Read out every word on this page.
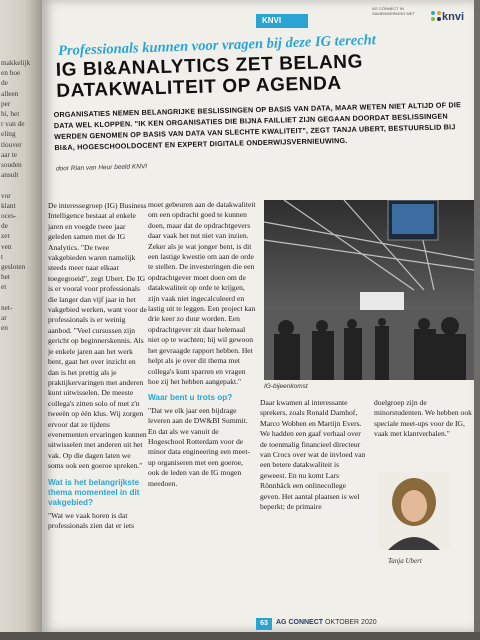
makkelijk
en hoe
de
alleen
per
hi, het
r van de
eling
tlouver
aar te
souden
ansult
vor
klant
oces-
de
zer
ven
t
gesloten
het
et
net-
ar
en
KNVI
AG CONNECT IN SAMENWERKING MET	knvi
Professionals kunnen voor vragen bij deze IG terecht
IG BI&ANALYTICS ZET BELANG
DATAKWALITEIT OP AGENDA
ORGANISATIES NEMEN BELANGRIJKE BESLISSINGEN OP BASIS VAN DATA, MAAR WETEN NIET ALTIJD OF DIE DATA WEL KLOPPEN. "IK KEN ORGANISATIES DIE BIJNA FAILLIET ZIJN GEGAAN DOORDAT BESLISSINGEN WERDEN GENOMEN OP BASIS VAN DATA VAN SLECHTE KWALITEIT", ZEGT TANJA UBERT, BESTUURSLID BIJ BI&A, HOGESCHOOLDOCENT EN EXPERT DIGITALE ONDERWIJSVERNIEUWING.
door Rian van Heur beeld KNVI

De interessegroep (IG) Business Intelligence bestaat al enkele jaren en voegde twee jaar geleden samen met de IG Analytics. "De twee vakgebieden waren namelijk steeds meer naar elkaar toegegroeid", zegt Ubert. De IG is er vooral voor professionals die langer dan vijf jaar in het vakgebied werken, want voor de professionals is er weinig aanbod. "Veel cursussen zijn gericht op beginnerskennis. Als je enkele jaren aan het werk bent, gaat het over inzicht en dan is het prettig als je praktijkervaringen met anderen kunt uitwisselen. De meeste collega's zitten solo of met z'n tweeën op één klus. Wij zorgen ervoor dat ze tijdens evenementen ervaringen kunnen uitwisselen met anderen uit het vak. Op die dagen laten we soms ook een goeroe spreken."

Wat is het belangrijkste thema momenteel in dit vakgebied?

"Wat we vaak horen is dat professionals zien dat er iets

moet gebeuren aan de datakwaliteit om een opdracht goed te kunnen doen, maar dat de opdrachtgevers daar vaak het nut niet van inzien. Zeker als je wat jonger bent, is dit een lastige kwestie om aan de orde te stellen. De investeringen die een opdrachtgever moet doen om de datakwaliteit op orde te krijgen, zijn vaak niet ingecalculeerd en lastig uit te leggen. Een project kan drie keer zo duur worden. Een opdrachtgever zit daar helemaal niet op te wachten; hij wil gewoon het gevraagde rapport hebben. Het helpt als je over dit thema met collega's kunt sparren en vragen hoe zij het hebben aangepakt."

Waar bent u trots op?

"Dat we elk jaar een bijdrage leveren aan de DW&BI Summit. En dat als we vanuit de Hogeschool Rotterdam voor de minor data engineering een meet-up organiseren met een goeroe, ook de leden van de IG mogen meedoen.

IG-bijeenkomst

Daar kwamen al interessante sprekers, zoals Ronald Damhof, Marco Wobben en Martijn Evers. We hadden een gaaf verhaal over de toenmalig financieel directeur van Crocs over wat de invloed van een betere datakwaliteit is geweest. En nu komt Lars Rönnbäck een onlinecollege geven. Het aantal plaatsen is wel beperkt; de primaire

doelgroep zijn de minorstudenten. We hebben ook speciale meet-ups voor de IG, vaak met klantverhalen."

Tanja Ubert
63	AG CONNECT OKTOBER 2020
